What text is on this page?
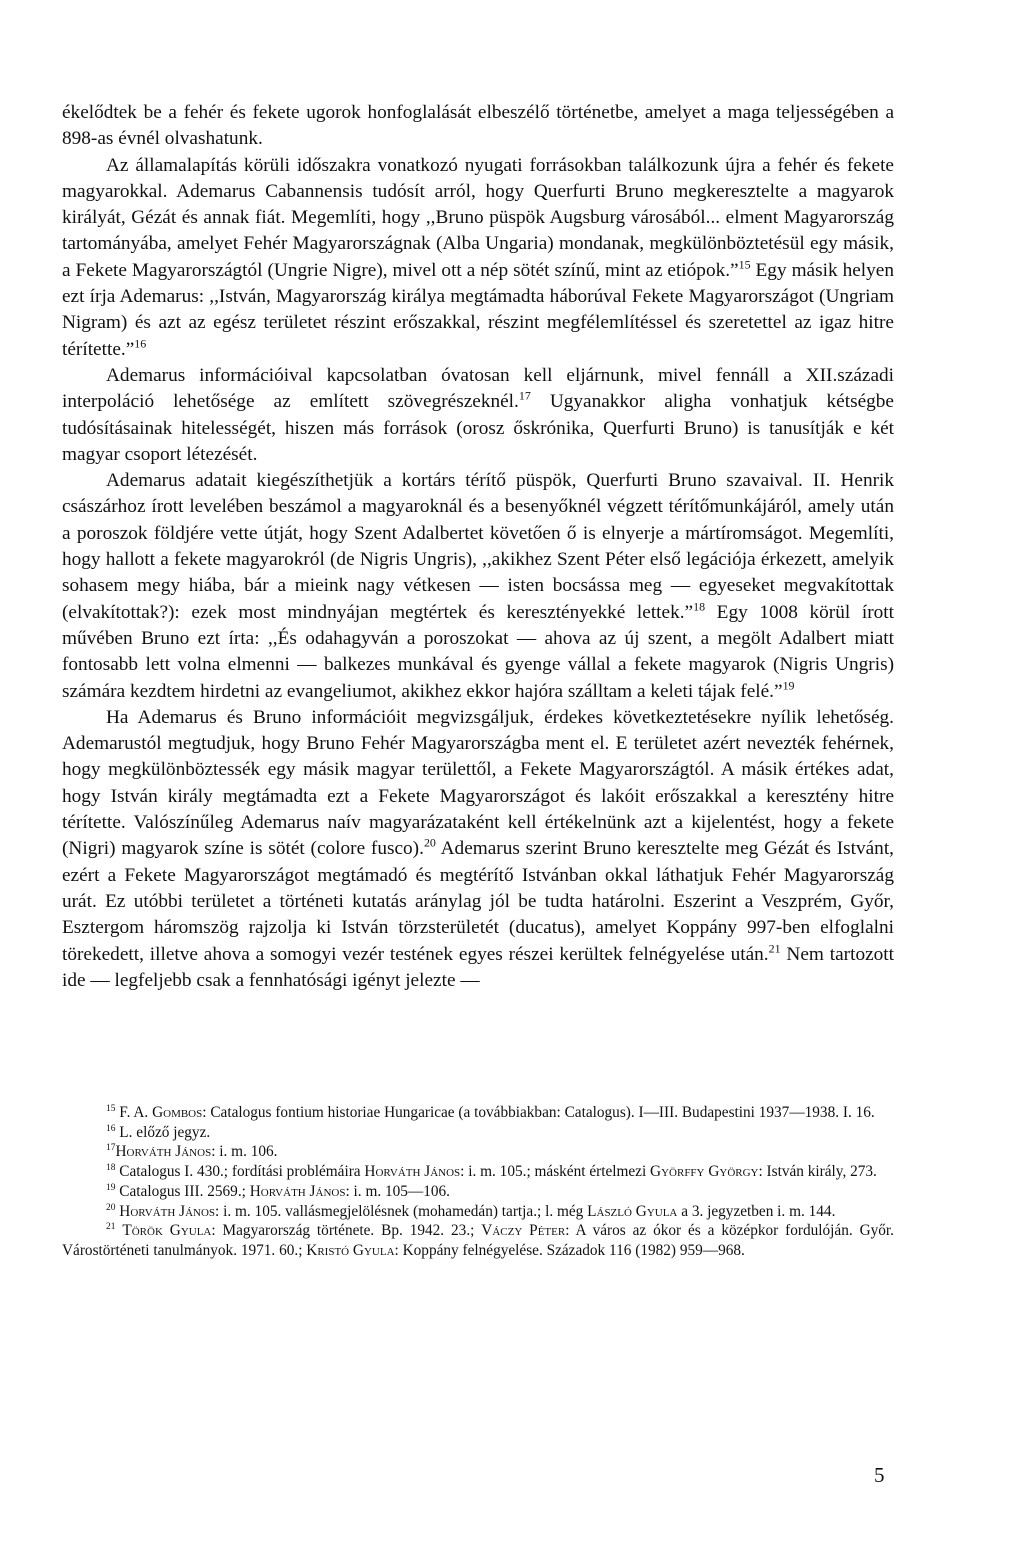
ékelődtek be a fehér és fekete ugorok honfoglalását elbeszélő történetbe, amelyet a maga teljességében a 898-as évnél olvashatunk.

Az államalapítás körüli időszakra vonatkozó nyugati forrásokban találkozunk újra a fehér és fekete magyarokkal. Ademarus Cabannensis tudósít arról, hogy Querfurti Bruno megkeresztelte a magyarok királyát, Gézát és annak fiát. Megemlíti, hogy ,,Bruno püspök Augsburg városából... elment Magyarország tartományába, amelyet Fehér Magyarországnak (Alba Ungaria) mondanak, megkülönböztetésül egy másik, a Fekete Magyarországtól (Ungrie Nigre), mivel ott a nép sötét színű, mint az etiópok.”$^{15}$ Egy másik helyen ezt írja Ademarus: ,,István, Magyarország királya megtámadta háborúval Fekete Magyarországot (Ungriam Nigram) és azt az egész területet részint erőszakkal, részint megfélemlítéssel és szeretettel az igaz hitre térítette.”$^{16}$

Ademarus információival kapcsolatban óvatosan kell eljárnunk, mivel fennáll a XII.századi interpoláció lehetősége az említett szövegrészeknél.$^{17}$ Ugyanakkor aligha vonhatjuk kétségbe tudósításainak hitelességét, hiszen más források (orosz őskrónika, Querfurti Bruno) is tanusítják e két magyar csoport létezését.

Ademarus adatait kiegészíthetjük a kortárs térítő püspök, Querfurti Bruno szavaival. II. Henrik császárhoz írott levelében beszámol a magyaroknál és a besenyőknél végzett térítőmunkájáról, amely után a poroszok földjére vette útját, hogy Szent Adalbertet követően ő is elnyerje a mártíromságot. Megemlíti, hogy hallott a fekete magyarokról (de Nigris Ungris), ,,akikhez Szent Péter első legációja érkezett, amelyik sohasem megy hiába, bár a mieink nagy vétkesen — isten bocsássa meg — egyeseket megvakítottak (elvakítottak?): ezek most mindnyájan megtértek és keresztényekké lettek.”$^{18}$ Egy 1008 körül írott művében Bruno ezt írta: ,,És odahagyván a poroszokat — ahova az új szent, a megölt Adalbert miatt fontosabb lett volna elmenni — balkezes munkával és gyenge vállal a fekete magyarok (Nigris Ungris) számára kezdtem hirdetni az evangeliumot, akikhez ekkor hajóra szálltam a keleti tájak felé.”$^{19}$

Ha Ademarus és Bruno információit megvizsgáljuk, érdekes következtetésekre nyílik lehetőség. Ademarustól megtudjuk, hogy Bruno Fehér Magyarországba ment el. E területet azért nevezték fehérnek, hogy megkülönböztessék egy másik magyar területtől, a Fekete Magyarországtól. A másik értékes adat, hogy István király megtámadta ezt a Fekete Magyarországot és lakóit erőszakkal a keresztény hitre térítette. Valószínűleg Ademarus naív magyarázataként kell értékelnünk azt a kijelentést, hogy a fekete (Nigri) magyarok színe is sötét (colore fusco).$^{20}$ Ademarus szerint Bruno keresztelte meg Gézát és Istvánt, ezért a Fekete Magyarországot megtámadó és megtérítő Istvánban okkal láthatjuk Fehér Magyarország urát. Ez utóbbi területet a történeti kutatás aránylag jól be tudta határolni. Eszerint a Veszprém, Győr, Esztergom háromszög rajzolja ki István törzsterületét (ducatus), amelyet Koppány 997-ben elfoglalni törekedett, illetve ahova a somogyi vezér testének egyes részei kerültek felnégyelése után.$^{21}$ Nem tartozott ide — legfeljebb csak a fennhatósági igényt jelezte —

$^{15}$ F. A. Gombos: Catalogus fontium historiae Hungaricae (a továbbiakban: Catalogus). I—III. Budapestini 1937—1938. I. 16.

$^{16}$ L. előző jegyz.

$^{17}$Horváth János: i. m. 106.

$^{18}$ Catalogus I. 430.; fordítási problémáira Horváth János: i. m. 105.; másként értelmezi Györffy György: István király, 273.

$^{19}$ Catalogus III. 2569.; Horváth János: i. m. 105—106.

$^{20}$ Horváth János: i. m. 105. vallásmegjelölésnek (mohamedán) tartja.; l. még László Gyula a 3. jegyzetben i. m. 144.

$^{21}$ Török Gyula: Magyarország története. Bp. 1942. 23.; Váczy Péter: A város az ókor és a középkor fordulóján. Győr. Várostörténeti tanulmányok. 1971. 60.; Kristó Gyula: Koppány felnégyelése. Századok 116 (1982) 959—968.

5
